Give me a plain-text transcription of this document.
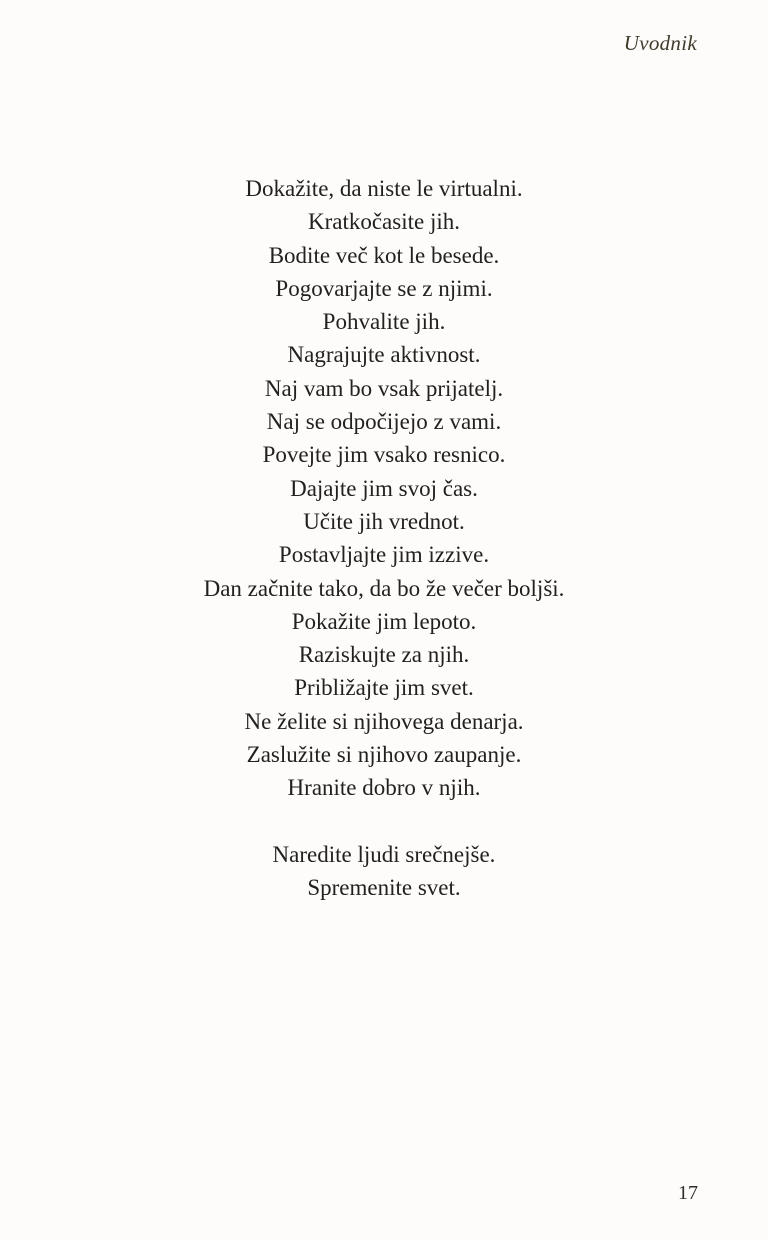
Uvodnik
Dokažite, da niste le virtualni.
Kratkočasite jih.
Bodite več kot le besede.
Pogovarjajte se z njimi.
Pohvalite jih.
Nagrajujte aktivnost.
Naj vam bo vsak prijatelj.
Naj se odpočijejo z vami.
Povejte jim vsako resnico.
Dajajte jim svoj čas.
Učite jih vrednot.
Postavljajte jim izzive.
Dan začnite tako, da bo že večer boljši.
Pokažite jim lepoto.
Raziskujte za njih.
Približajte jim svet.
Ne želite si njihovega denarja.
Zaslužite si njihovo zaupanje.
Hranite dobro v njih.
Naredite ljudi srečnejše.
Spremenite svet.
17
